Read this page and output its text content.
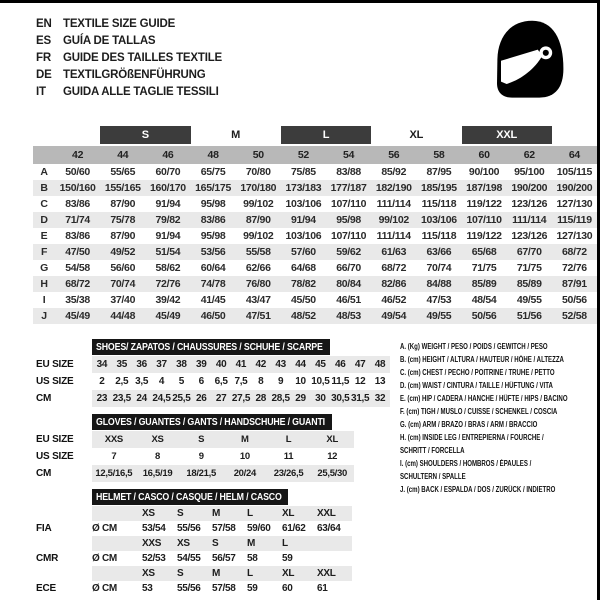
EN TEXTILE SIZE GUIDE
ES	GUÍA DE TALLAS
FR	GUIDE DES TAILLES TEXTILE
DE TEXTILGRÖßENFÜHRUNG
IT	GUIDA ALLE TAGLIE TESSILI
S	M	L	XL	XXL
42	44	46	48	50	52	54	56	58	60	62	64
A	50/60	55/65	60/70	65/75	70/80	75/85	83/88	85/92	87/95	90/100	95/100	105/115
B	150/160 155/165 160/170 165/175 170/180 173/183 177/187 182/190 185/195 187/198 190/200 190/200
C	83/86	87/90	91/94	95/98	99/102	103/106 107/110 111/114	115/118 119/122 123/126 127/130
D	71/74	75/78	79/82	83/86	87/90	91/94	95/98	99/102	103/106 107/110 111/114	115/119
E	83/86	87/90	91/94	95/98	99/102	103/106 107/110 111/114	115/118 119/122 123/126 127/130
F	47/50	49/52	51/54	53/56	55/58	57/60	59/62	61/63	63/66	65/68	67/70	68/72
G	54/58	56/60	58/62	60/64	62/66	64/68	66/70	68/72	70/74	71/75	71/75	72/76
H	68/72	70/74	72/76	74/78	76/80	78/82	80/84	82/86	84/88	85/89	85/89	87/91
I	35/38	37/40	39/42	41/45	43/47	45/50	46/51	46/52	47/53	48/54	49/55	50/56
J	45/49	44/48	45/49	46/50	47/51	48/52	48/53	49/54	49/55	50/56	51/56	52/58
SHOES/ ZAPATOS / CHAUSSURES / SCHUHE / SCARPE
EU SIZE	34 35 36 37 38 39 40 41 42 43 44 45 46 47 48
US SIZE	2	2,5 3,5	4	5	6	6,5 7,5	8	9	10 10,5 11,5 12 13
CM	23 23,5 24 24,5 25,5 26 27 27,5 28 28,5 29 30 30,5 31,5 32
GLOVES / GUANTES / GANTS / HANDSCHUHE / GUANTI
EU SIZE	XXS	XS	S	M	L	XL
US SIZE	7	8	9	10	11	12
CM	12,5/16,5	16,5/19	18/21,5	20/24	23/26,5	25,5/30
HELMET / CASCO / CASQUE / HELM / CASCO
XS	S	M	L	XL	XXL
FIA	Ø CM	53/54	55/56	57/58	59/60	61/62	63/64
XXS	XS	S	M	L
CMR	Ø CM	52/53	54/55	56/57	58	59
XS	S	M	L	XL	XXL
ECE	Ø CM	53	55/56	57/58	59	60	61
A. (Kg) WEIGHT / PESO / POIDS / GEWITCH / PESO
B. (cm) HEIGHT / ALTURA / HAUTEUR / HÖHE / ALTEZZA
C. (cm) CHEST / PECHO / POITRINE / TRUHE / PETTO
D. (cm) WAIST / CINTURA / TAILLE / HÜFTUNG / VITA
E. (cm) HIP / CADERA / HANCHE / HÜFTE / HIPS / BACINO
F. (cm) TIGH / MUSLO / CUISSE / SCHENKEL / COSCIA
G. (cm) ARM / BRAZO / BRAS / ARM / BRACCIO
H. (cm) INSIDE LEG / ENTREPIERNA / FOURCHE /
SCHRITT / FORCELLA
I. (cm) SHOULDERS / HOMBROS / ÉPAULES /
SCHULTERN / SPALLE
J. (cm) BACK / ESPALDA / DOS / ZURÜCK / INDIETRO
